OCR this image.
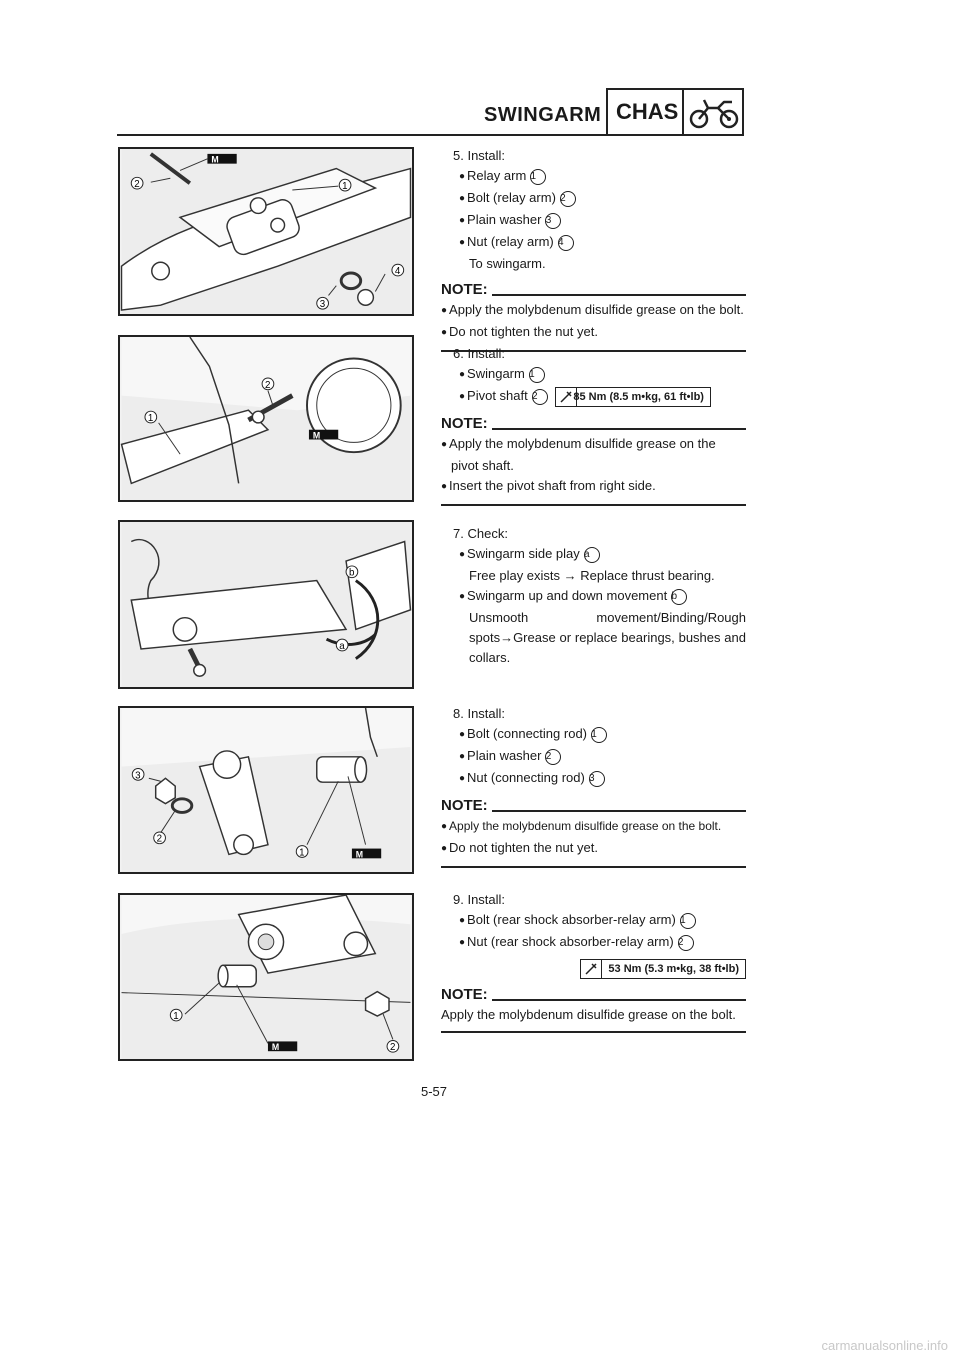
SWINGARM CHAS
M
2	1
4
3
M
2
1
b
a
M
3
2
1
M
1
2
5. Install:
● Relay arm 1
● Bolt (relay arm) 2
● Plain washer 3
● Nut (relay arm) 4
To swingarm.
NOTE:
● Apply the molybdenum disulfide grease on the bolt.
● Do not tighten the nut yet.
6. Install:
● Swingarm 1
● Pivot shaft 2	85 Nm (8.5 m•kg, 61 ft•lb)
NOTE:
● Apply the molybdenum disulfide grease on the pivot shaft.
● Insert the pivot shaft from right side.
7. Check:
● Swingarm side play a
Free play exists → Replace thrust bearing.
● Swingarm up and down movement b
Unsmooth movement/Binding/Rough spots→Grease or replace bearings, bushes and collars.
8. Install:
● Bolt (connecting rod) 1
● Plain washer 2
● Nut (connecting rod) 3
NOTE:
● Apply the molybdenum disulfide grease on the bolt.
● Do not tighten the nut yet.
9. Install:
● Bolt (rear shock absorber-relay arm) 1
● Nut (rear shock absorber-relay arm) 2
53 Nm (5.3 m•kg, 38 ft•lb)
NOTE:
Apply the molybdenum disulfide grease on the bolt.
5-57
carmanualsonline.info
